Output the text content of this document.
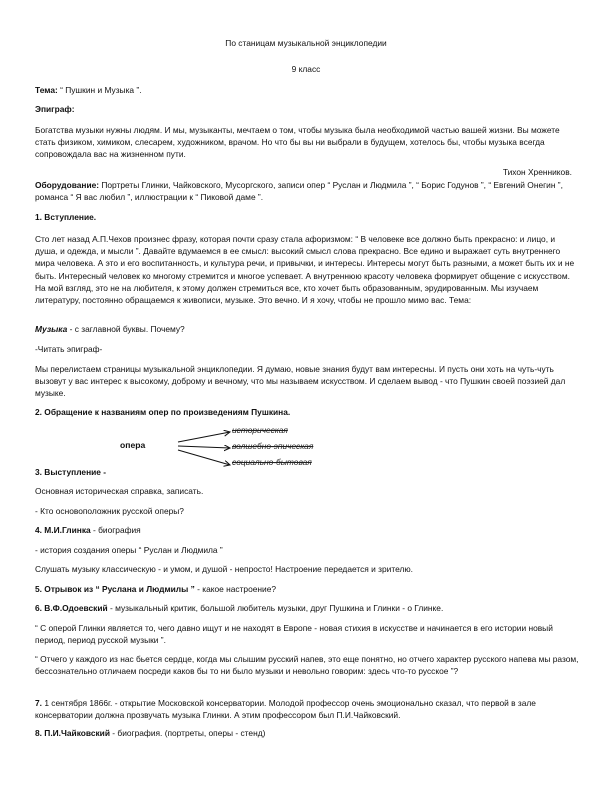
По станицам музыкальной энциклопедии
9 класс

Тема: “ Пушкин и Музыка ”.

Эпиграф:

Богатства музыки нужны людям. И мы, музыканты, мечтаем о том, чтобы музыка была необходимой частью вашей жизни. Вы можете стать физиком, химиком, слесарем, художником, врачом. Но что бы вы ни выбрали в будущем, хотелось бы, чтобы музыка всегда сопровождала вас на жизненном пути.

Тихон Хренников.

Оборудование: Портреты Глинки, Чайковского, Мусоргского, записи опер “ Руслан и Людмила ”, “ Борис Годунов ”, “ Евгений Онегин ”, романса “ Я вас любил ”, иллюстрации к “ Пиковой даме ”.

1. Вступление.

Сто лет назад А.П.Чехов произнес фразу, которая почти сразу стала афоризмом: “ В человеке все должно быть прекрасно: и лицо, и душа, и одежда, и мысли ”. Давайте вдумаемся в ее смысл: высокий смысл слова прекрасно. Все едино и выражает суть внутреннего мира человека. А это и его воспитанность, и культура речи, и привычки, и интересы. Интересы могут быть разными, а может быть их и не быть. Интересный человек ко многому стремится и многое успевает. А внутреннюю красоту человека формирует общение с искусством. На мой взгляд, это не на любителя, к этому должен стремиться все, кто хочет быть образованным, эрудированным. Мы изучаем литературу, постоянно обращаемся к живописи, музыке. Это вечно. И я хочу, чтобы не прошло мимо вас. Тема:

Музыка - с заглавной буквы. Почему?

-Читать эпиграф-

Мы перелистаем страницы музыкальной энциклопедии. Я думаю, новые знания будут вам интересны. И пусть они хоть на чуть-чуть вызовут у вас интерес к высокому, доброму и вечному, что мы называем искусством. И сделаем вывод - что Пушкин своей поэзией дал музыке.

2. Обращение к названиям опер по произведениям Пушкина.

опера
историческая
волшебно-эпическая
социально-бытовая

3. Выступление -

Основная историческая справка, записать.

- Кто основоположник русской оперы?

4. М.И.Глинка - биография

- история создания оперы “ Руслан и Людмила ”

Слушать музыку классическую - и умом, и душой - непросто! Настроение передается и зрителю.

5. Отрывок из “ Руслана и Людмилы ” - какое настроение?

6. В.Ф.Одоевский - музыкальный критик, большой любитель музыки, друг Пушкина и Глинки - о Глинке.

“ С оперой Глинки является то, чего давно ищут и не находят в Европе - новая стихия в искусстве и начинается в его истории новый период, период русской музыки ”.

“ Отчего у каждого из нас бьется сердце, когда мы слышим русский напев, это еще понятно, но отчего характер русского напева мы разом, бессознательно отличаем посреди каков бы то ни было музыки и невольно говорим: здесь что-то русское ”?

7. 1 сентября 1866г. - открытие Московской консерватории. Молодой профессор очень эмоционально сказал, что первой в зале консерватории должна прозвучать музыка Глинки. А этим профессором был П.И.Чайковский.

8. П.И.Чайковский - биография. (портреты, оперы - стенд)
